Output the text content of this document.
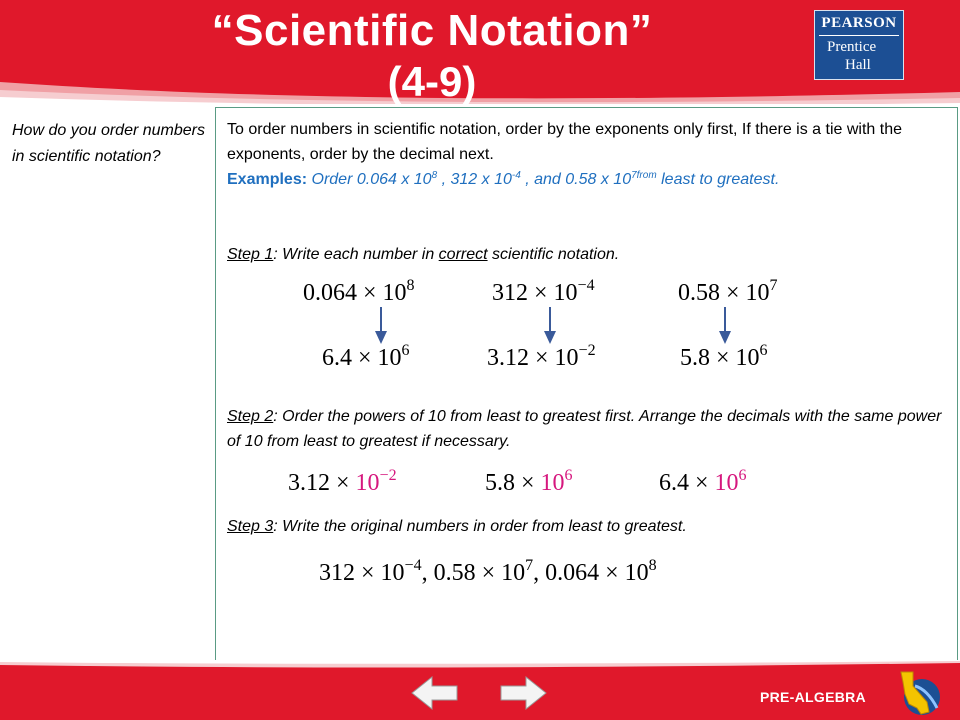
“Scientific Notation”
(4-9)
PEARSON
Prentice
Hall
How do you order numbers in scientific notation?

To order numbers in scientific notation, order by the exponents only first, If there is a tie with the exponents, order by the decimal next.

Examples: Order 0.064 x $10^8$ , 312 x $10^{-4}$ , and 0.58 x $10^{7from}$ least to greatest.

Step 1: Write each number in correct scientific notation.

$0.064 \times 10^8$	$312 \times 10^{-4}$	$0.58 \times 10^7$
$6.4 \times 10^6$	$3.12 \times 10^{-2}$	$5.8 \times 10^6$

Step 2: Order the powers of 10 from least to greatest first. Arrange the decimals with the same power of 10 from least to greatest if necessary.

$3.12 \times 10^{-2}$	$5.8 \times 10^6$	$6.4 \times 10^6$

Step 3: Write the original numbers in order from least to greatest.

$312 \times 10^{-4}$, $0.58 \times 10^7$, $0.064 \times 10^8$
PRE-ALGEBRA
